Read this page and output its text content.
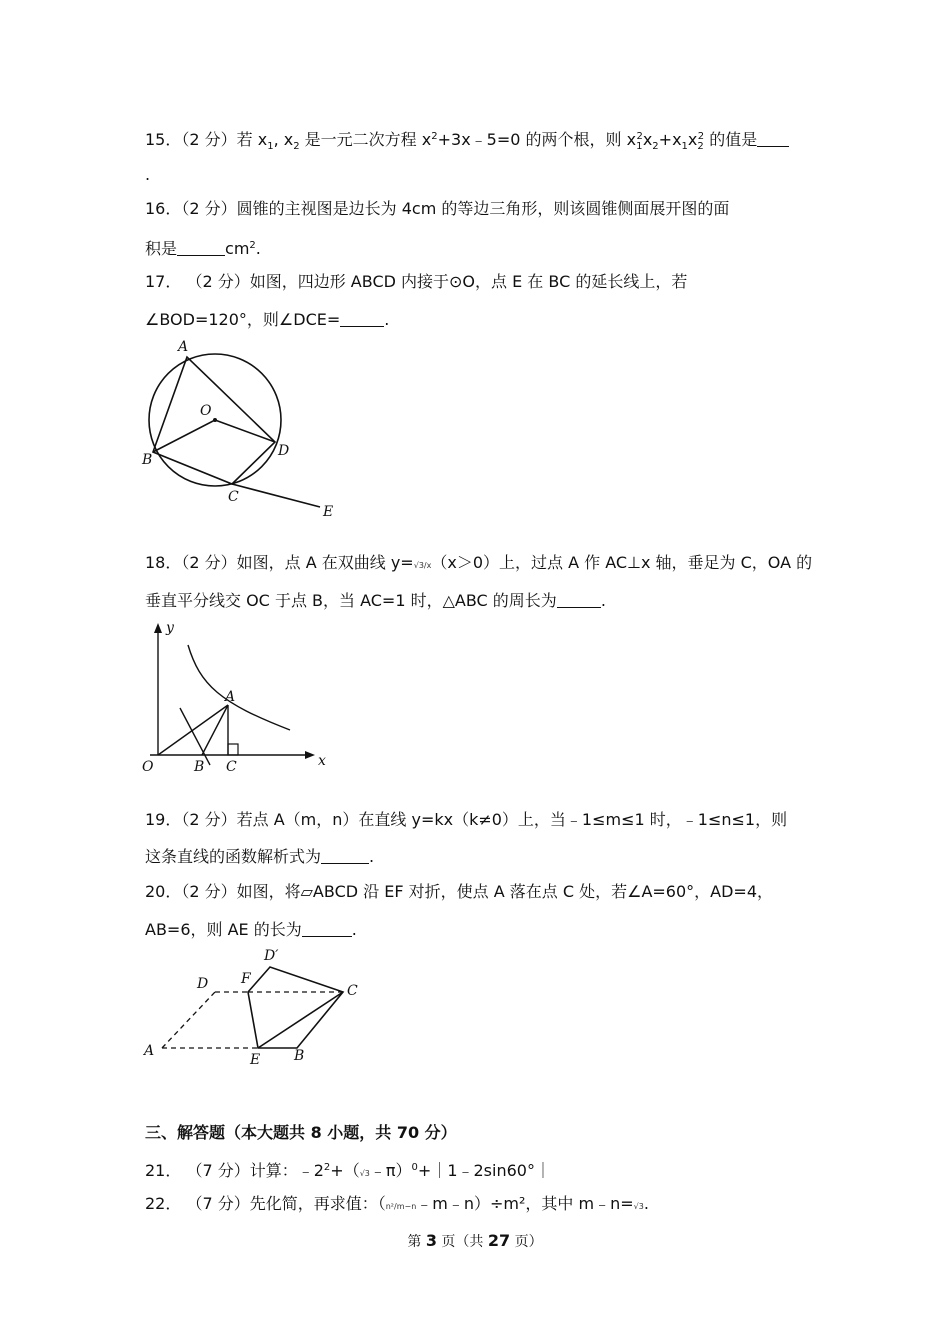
15．（2 分）若 $x_1$, $x_2$ 是一元二次方程 $x^2+3x﹣5=0$ 的两个根，则 $x_1^2x_2+x_1x_2^2$ 的值是
.
16．（2 分）圆锥的主视图是边长为 4cm 的等边三角形，则该圆锥侧面展开图的面
积是	$cm^2$.
17． （2 分）如图，四边形 ABCD 内接于⊙O，点 E 在 BC 的延长线上，若
∠BOD=120°，则∠DCE=	.
A
O
D
B
C
E
18．（2 分）如图，点 A 在双曲线 y=√3/x（x＞0）上，过点 A 作 AC⊥x 轴，垂足为 C，OA 的
垂直平分线交 OC 于点 B，当 AC=1 时，△ABC 的周长为	.
y
A
O	B C	x
19．（2 分）若点 A（m，n）在直线 y=kx（k≠0）上，当﹣1≤m≤1 时，﹣1≤n≤1，则
这条直线的函数解析式为	.
20．（2 分）如图，将▱ABCD 沿 EF 对折，使点 A 落在点 C 处，若∠A=60°，AD=4，
AB=6，则 AE 的长为	.
D′
D F
C
A
E B
三、解答题（本大题共 8 小题，共 70 分）
21． （7 分）计算：$﹣2^2+(√3﹣\pi)^0+|1﹣2\sin 60^\circ|$
22． （7 分）先化简，再求值：（n²/m−n﹣m﹣n）÷m²，其中 m﹣n=√3.
第 3 页（共 27 页）
